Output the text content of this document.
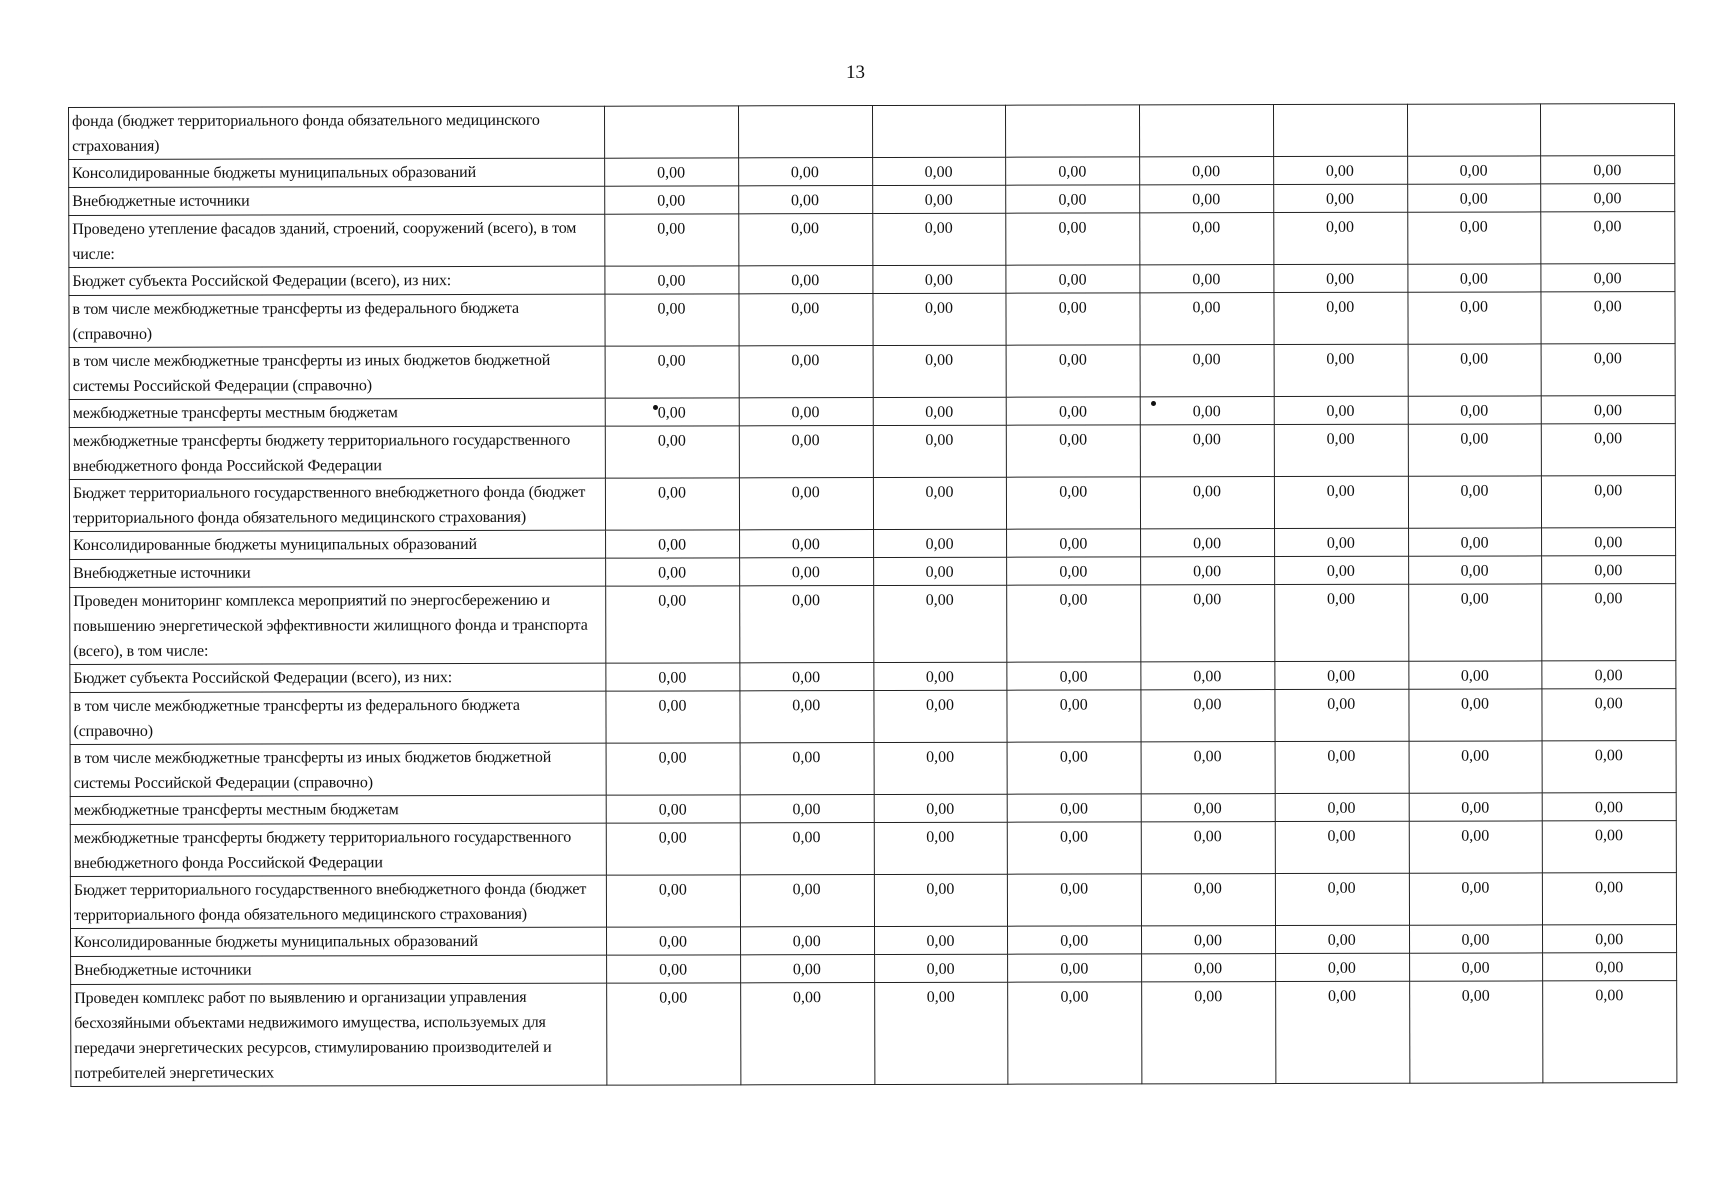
13
фонда (бюджет территориального фонда обязательного медицинского страхования)	

Консолидированные бюджеты муниципальных образований	0,00	0,00	0,00	0,00	0,00	0,00	0,00	0,00

Внебюджетные источники	0,00	0,00	0,00	0,00	0,00	0,00	0,00	0,00

Проведено утепление фасадов зданий, строений, сооружений (всего), в том числе:	0,00	0,00	0,00	0,00	0,00	0,00	0,00	0,00

Бюджет субъекта Российской Федерации (всего), из них:	0,00	0,00	0,00	0,00	0,00	0,00	0,00	0,00

в том числе межбюджетные трансферты из федерального бюджета (справочно)	0,00	0,00	0,00	0,00	0,00	0,00	0,00	0,00

в том числе межбюджетные трансферты из иных бюджетов бюджетной системы Российской Федерации (справочно)	0,00	0,00	0,00	0,00	0,00	0,00	0,00	0,00

межбюджетные трансферты местным бюджетам	0,00	0,00	0,00	0,00	0,00	0,00	0,00	0,00

межбюджетные трансферты бюджету территориального государственного внебюджетного фонда Российской Федерации	0,00	0,00	0,00	0,00	0,00	0,00	0,00	0,00

Бюджет территориального государственного внебюджетного фонда (бюджет территориального фонда обязательного медицинского страхования)	0,00	0,00	0,00	0,00	0,00	0,00	0,00	0,00

Консолидированные бюджеты муниципальных образований	0,00	0,00	0,00	0,00	0,00	0,00	0,00	0,00

Внебюджетные источники	0,00	0,00	0,00	0,00	0,00	0,00	0,00	0,00

Проведен мониторинг комплекса мероприятий по энергосбережению и повышению энергетической эффективности жилищного фонда и транспорта (всего), в том числе:	0,00	0,00	0,00	0,00	0,00	0,00	0,00	0,00

Бюджет субъекта Российской Федерации (всего), из них:	0,00	0,00	0,00	0,00	0,00	0,00	0,00	0,00

в том числе межбюджетные трансферты из федерального бюджета (справочно)	0,00	0,00	0,00	0,00	0,00	0,00	0,00	0,00

в том числе межбюджетные трансферты из иных бюджетов бюджетной системы Российской Федерации (справочно)	0,00	0,00	0,00	0,00	0,00	0,00	0,00	0,00

межбюджетные трансферты местным бюджетам	0,00	0,00	0,00	0,00	0,00	0,00	0,00	0,00

межбюджетные трансферты бюджету территориального государственного внебюджетного фонда Российской Федерации	0,00	0,00	0,00	0,00	0,00	0,00	0,00	0,00

Бюджет территориального государственного внебюджетного фонда (бюджет территориального фонда обязательного медицинского страхования)	0,00	0,00	0,00	0,00	0,00	0,00	0,00	0,00

Консолидированные бюджеты муниципальных образований	0,00	0,00	0,00	0,00	0,00	0,00	0,00	0,00

Внебюджетные источники	0,00	0,00	0,00	0,00	0,00	0,00	0,00	0,00

Проведен комплекс работ по выявлению и организации управления бесхозяйными объектами недвижимого имущества, используемых для передачи энергетических ресурсов, стимулированию производителей и потребителей энергетических	0,00	0,00	0,00	0,00	0,00	0,00	0,00	0,00
